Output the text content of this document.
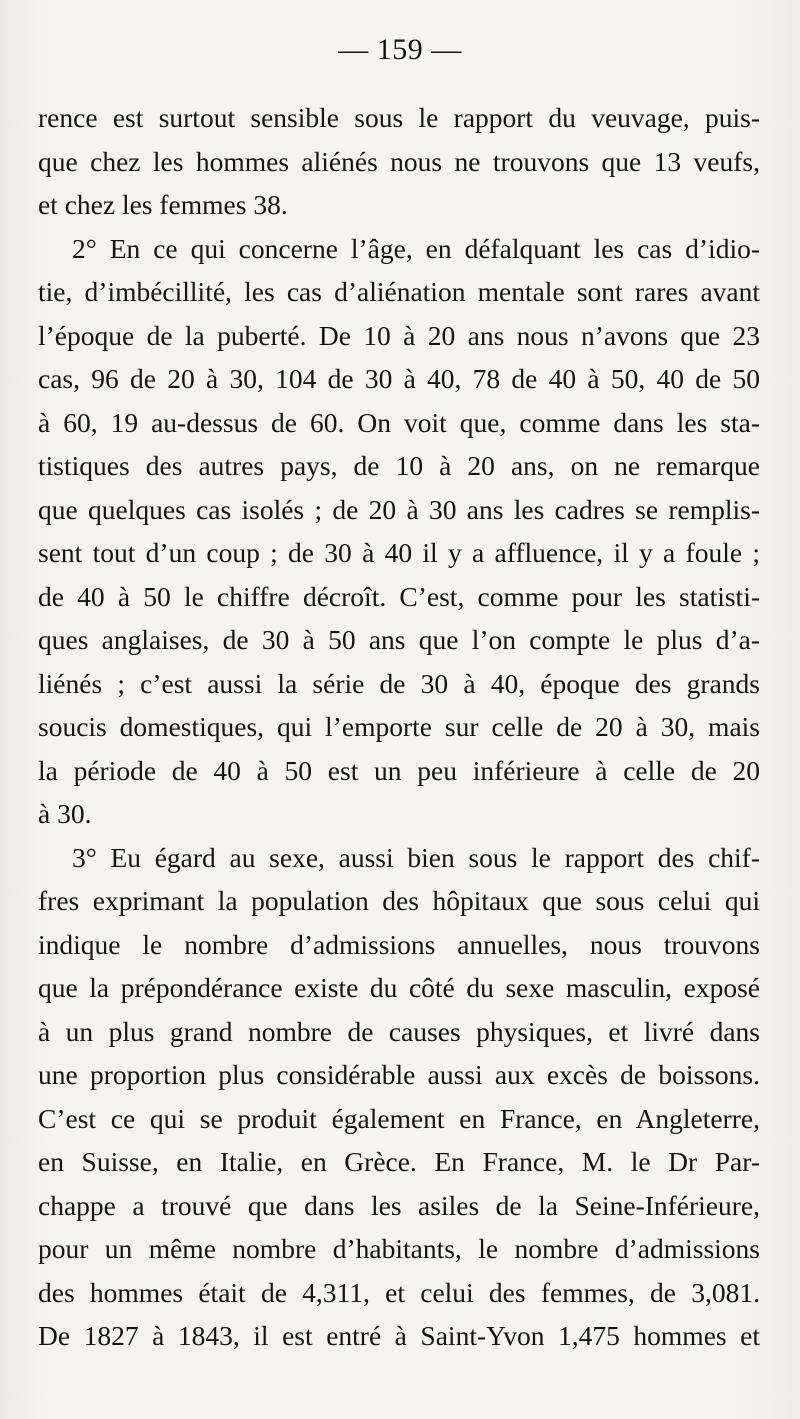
— 159 —
rence est surtout sensible sous le rapport du veuvage, puis-
que chez les hommes aliénés nous ne trouvons que 13 veufs,
et chez les femmes 38.
2° En ce qui concerne l’âge, en défalquant les cas d’idio-
tie, d’imbécillité, les cas d’aliénation mentale sont rares avant
l’époque de la puberté. De 10 à 20 ans nous n’avons que 23
cas, 96 de 20 à 30, 104 de 30 à 40, 78 de 40 à 50, 40 de 50
à 60, 19 au-dessus de 60. On voit que, comme dans les sta-
tistiques des autres pays, de 10 à 20 ans, on ne remarque
que quelques cas isolés ; de 20 à 30 ans les cadres se remplis-
sent tout d’un coup ; de 30 à 40 il y a affluence, il y a foule ;
de 40 à 50 le chiffre décroît. C’est, comme pour les statisti-
ques anglaises, de 30 à 50 ans que l’on compte le plus d’a-
liénés ; c’est aussi la série de 30 à 40, époque des grands
soucis domestiques, qui l’emporte sur celle de 20 à 30, mais
la période de 40 à 50 est un peu inférieure à celle de 20
à 30.
3° Eu égard au sexe, aussi bien sous le rapport des chif-
fres exprimant la population des hôpitaux que sous celui qui
indique le nombre d’admissions annuelles, nous trouvons
que la prépondérance existe du côté du sexe masculin, exposé
à un plus grand nombre de causes physiques, et livré dans
une proportion plus considérable aussi aux excès de boissons.
C’est ce qui se produit également en France, en Angleterre,
en Suisse, en Italie, en Grèce. En France, M. le Dr Par-
chappe a trouvé que dans les asiles de la Seine-Inférieure,
pour un même nombre d’habitants, le nombre d’admissions
des hommes était de 4,311, et celui des femmes, de 3,081.
De 1827 à 1843, il est entré à Saint-Yvon 1,475 hommes et
